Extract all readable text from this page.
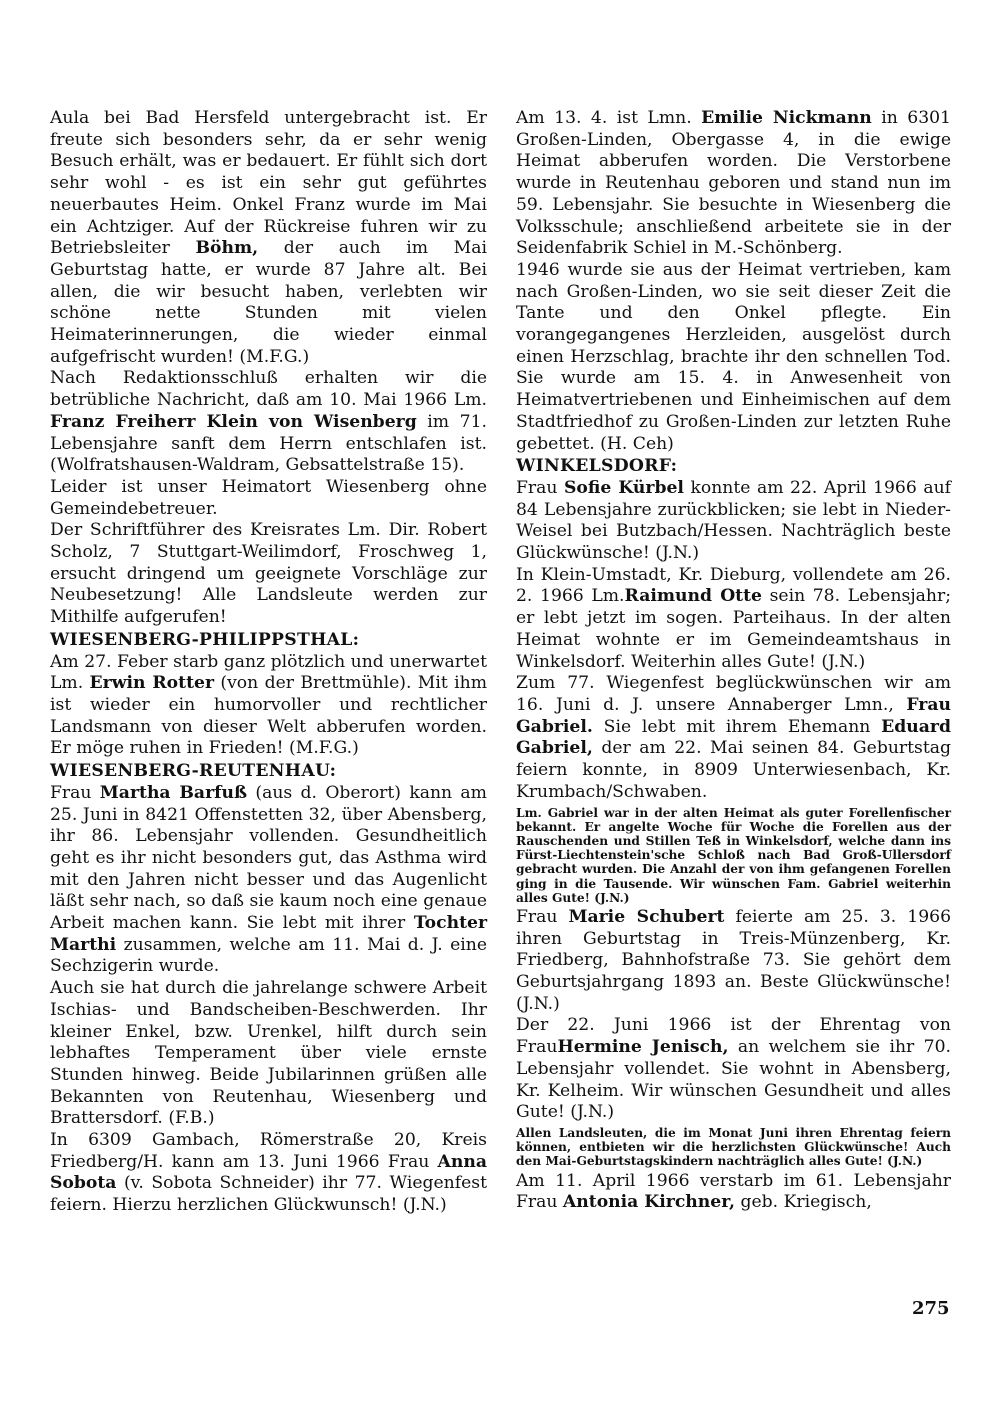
Aula bei Bad Hersfeld untergebracht ist. Er freute sich besonders sehr, da er sehr wenig Besuch erhält, was er bedauert. Er fühlt sich dort sehr wohl - es ist ein sehr gut geführtes neuerbautes Heim. Onkel Franz wurde im Mai ein Achtziger. Auf der Rückreise fuhren wir zu Betriebsleiter Böhm, der auch im Mai Geburtstag hatte, er wurde 87 Jahre alt. Bei allen, die wir besucht haben, verlebten wir schöne nette Stunden mit vielen Heimaterinnerungen, die wieder einmal aufgefrischt wurden! (M.F.G.)

Nach Redaktionsschluß erhalten wir die betrübliche Nachricht, daß am 10. Mai 1966 Lm. Franz Freiherr Klein von Wisenberg im 71. Lebensjahre sanft dem Herrn entschlafen ist. (Wolfratshausen-Waldram, Gebsattelstraße 15).

Leider ist unser Heimatort Wiesenberg ohne Gemeindebetreuer.

Der Schriftführer des Kreisrates Lm. Dir. Robert Scholz, 7 Stuttgart-Weilimdorf, Froschweg 1, ersucht dringend um geeignete Vorschläge zur Neubesetzung! Alle Landsleute werden zur Mithilfe aufgerufen!

WIESENBERG-PHILIPPSTHAL:

Am 27. Feber starb ganz plötzlich und unerwartet Lm. Erwin Rotter (von der Brettmühle). Mit ihm ist wieder ein humorvoller und rechtlicher Landsmann von dieser Welt abberufen worden. Er möge ruhen in Frieden! (M.F.G.)

WIESENBERG-REUTENHAU:

Frau Martha Barfuß (aus d. Oberort) kann am 25. Juni in 8421 Offenstetten 32, über Abensberg, ihr 86. Lebensjahr vollenden. Gesundheitlich geht es ihr nicht besonders gut, das Asthma wird mit den Jahren nicht besser und das Augenlicht läßt sehr nach, so daß sie kaum noch eine genaue Arbeit machen kann. Sie lebt mit ihrer Tochter Marthi zusammen, welche am 11. Mai d. J. eine Sechzigerin wurde.

Auch sie hat durch die jahrelange schwere Arbeit Ischias- und Bandscheiben-Beschwerden. Ihr kleiner Enkel, bzw. Urenkel, hilft durch sein lebhaftes Temperament über viele ernste Stunden hinweg. Beide Jubilarinnen grüßen alle Bekannten von Reutenhau, Wiesenberg und Brattersdorf. (F.B.)

In 6309 Gambach, Römerstraße 20, Kreis Friedberg/H. kann am 13. Juni 1966 Frau Anna Sobota (v. Sobota Schneider) ihr 77. Wiegenfest feiern. Hierzu herzlichen Glückwunsch! (J.N.)

Am 13. 4. ist Lmn. Emilie Nickmann in 6301 Großen-Linden, Obergasse 4, in die ewige Heimat abberufen worden. Die Verstorbene wurde in Reutenhau geboren und stand nun im 59. Lebensjahr. Sie besuchte in Wiesenberg die Volksschule; anschließend arbeitete sie in der Seidenfabrik Schiel in M.-Schönberg.

1946 wurde sie aus der Heimat vertrieben, kam nach Großen-Linden, wo sie seit dieser Zeit die Tante und den Onkel pflegte. Ein vorangegangenes Herzleiden, ausgelöst durch einen Herzschlag, brachte ihr den schnellen Tod. Sie wurde am 15. 4. in Anwesenheit von Heimatvertriebenen und Einheimischen auf dem Stadtfriedhof zu Großen-Linden zur letzten Ruhe gebettet. (H. Ceh)

WINKELSDORF:

Frau Sofie Kürbel konnte am 22. April 1966 auf 84 Lebensjahre zurückblicken; sie lebt in Nieder-Weisel bei Butzbach/Hessen. Nachträglich beste Glückwünsche! (J.N.)

In Klein-Umstadt, Kr. Dieburg, vollendete am 26. 2. 1966 Lm.Raimund Otte sein 78. Lebensjahr; er lebt jetzt im sogen. Parteihaus. In der alten Heimat wohnte er im Gemeindeamtshaus in Winkelsdorf. Weiterhin alles Gute! (J.N.)

Zum 77. Wiegenfest beglückwünschen wir am 16. Juni d. J. unsere Annaberger Lmn., Frau Gabriel. Sie lebt mit ihrem Ehemann Eduard Gabriel, der am 22. Mai seinen 84. Geburtstag feiern konnte, in 8909 Unterwiesenbach, Kr. Krumbach/Schwaben.

Lm. Gabriel war in der alten Heimat als guter Forellenfischer bekannt. Er angelte Woche für Woche die Forellen aus der Rauschenden und Stillen Teß in Winkelsdorf, welche dann ins Fürst-Liechtenstein'sche Schloß nach Bad Groß-Ullersdorf gebracht wurden. Die Anzahl der von ihm gefangenen Forellen ging in die Tausende. Wir wünschen Fam. Gabriel weiterhin alles Gute! (J.N.)

Frau Marie Schubert feierte am 25. 3. 1966 ihren Geburtstag in Treis-Münzenberg, Kr. Friedberg, Bahnhofstraße 73. Sie gehört dem Geburtsjahrgang 1893 an. Beste Glückwünsche! (J.N.)

Der 22. Juni 1966 ist der Ehrentag von FrauHermine Jenisch, an welchem sie ihr 70. Lebensjahr vollendet. Sie wohnt in Abensberg, Kr. Kelheim. Wir wünschen Gesundheit und alles Gute! (J.N.)

Allen Landsleuten, die im Monat Juni ihren Ehrentag feiern können, entbieten wir die herzlichsten Glückwünsche! Auch den Mai-Geburtstagskindern nachträglich alles Gute! (J.N.)

Am 11. April 1966 verstarb im 61. Lebensjahr Frau Antonia Kirchner, geb. Kriegisch,

275
